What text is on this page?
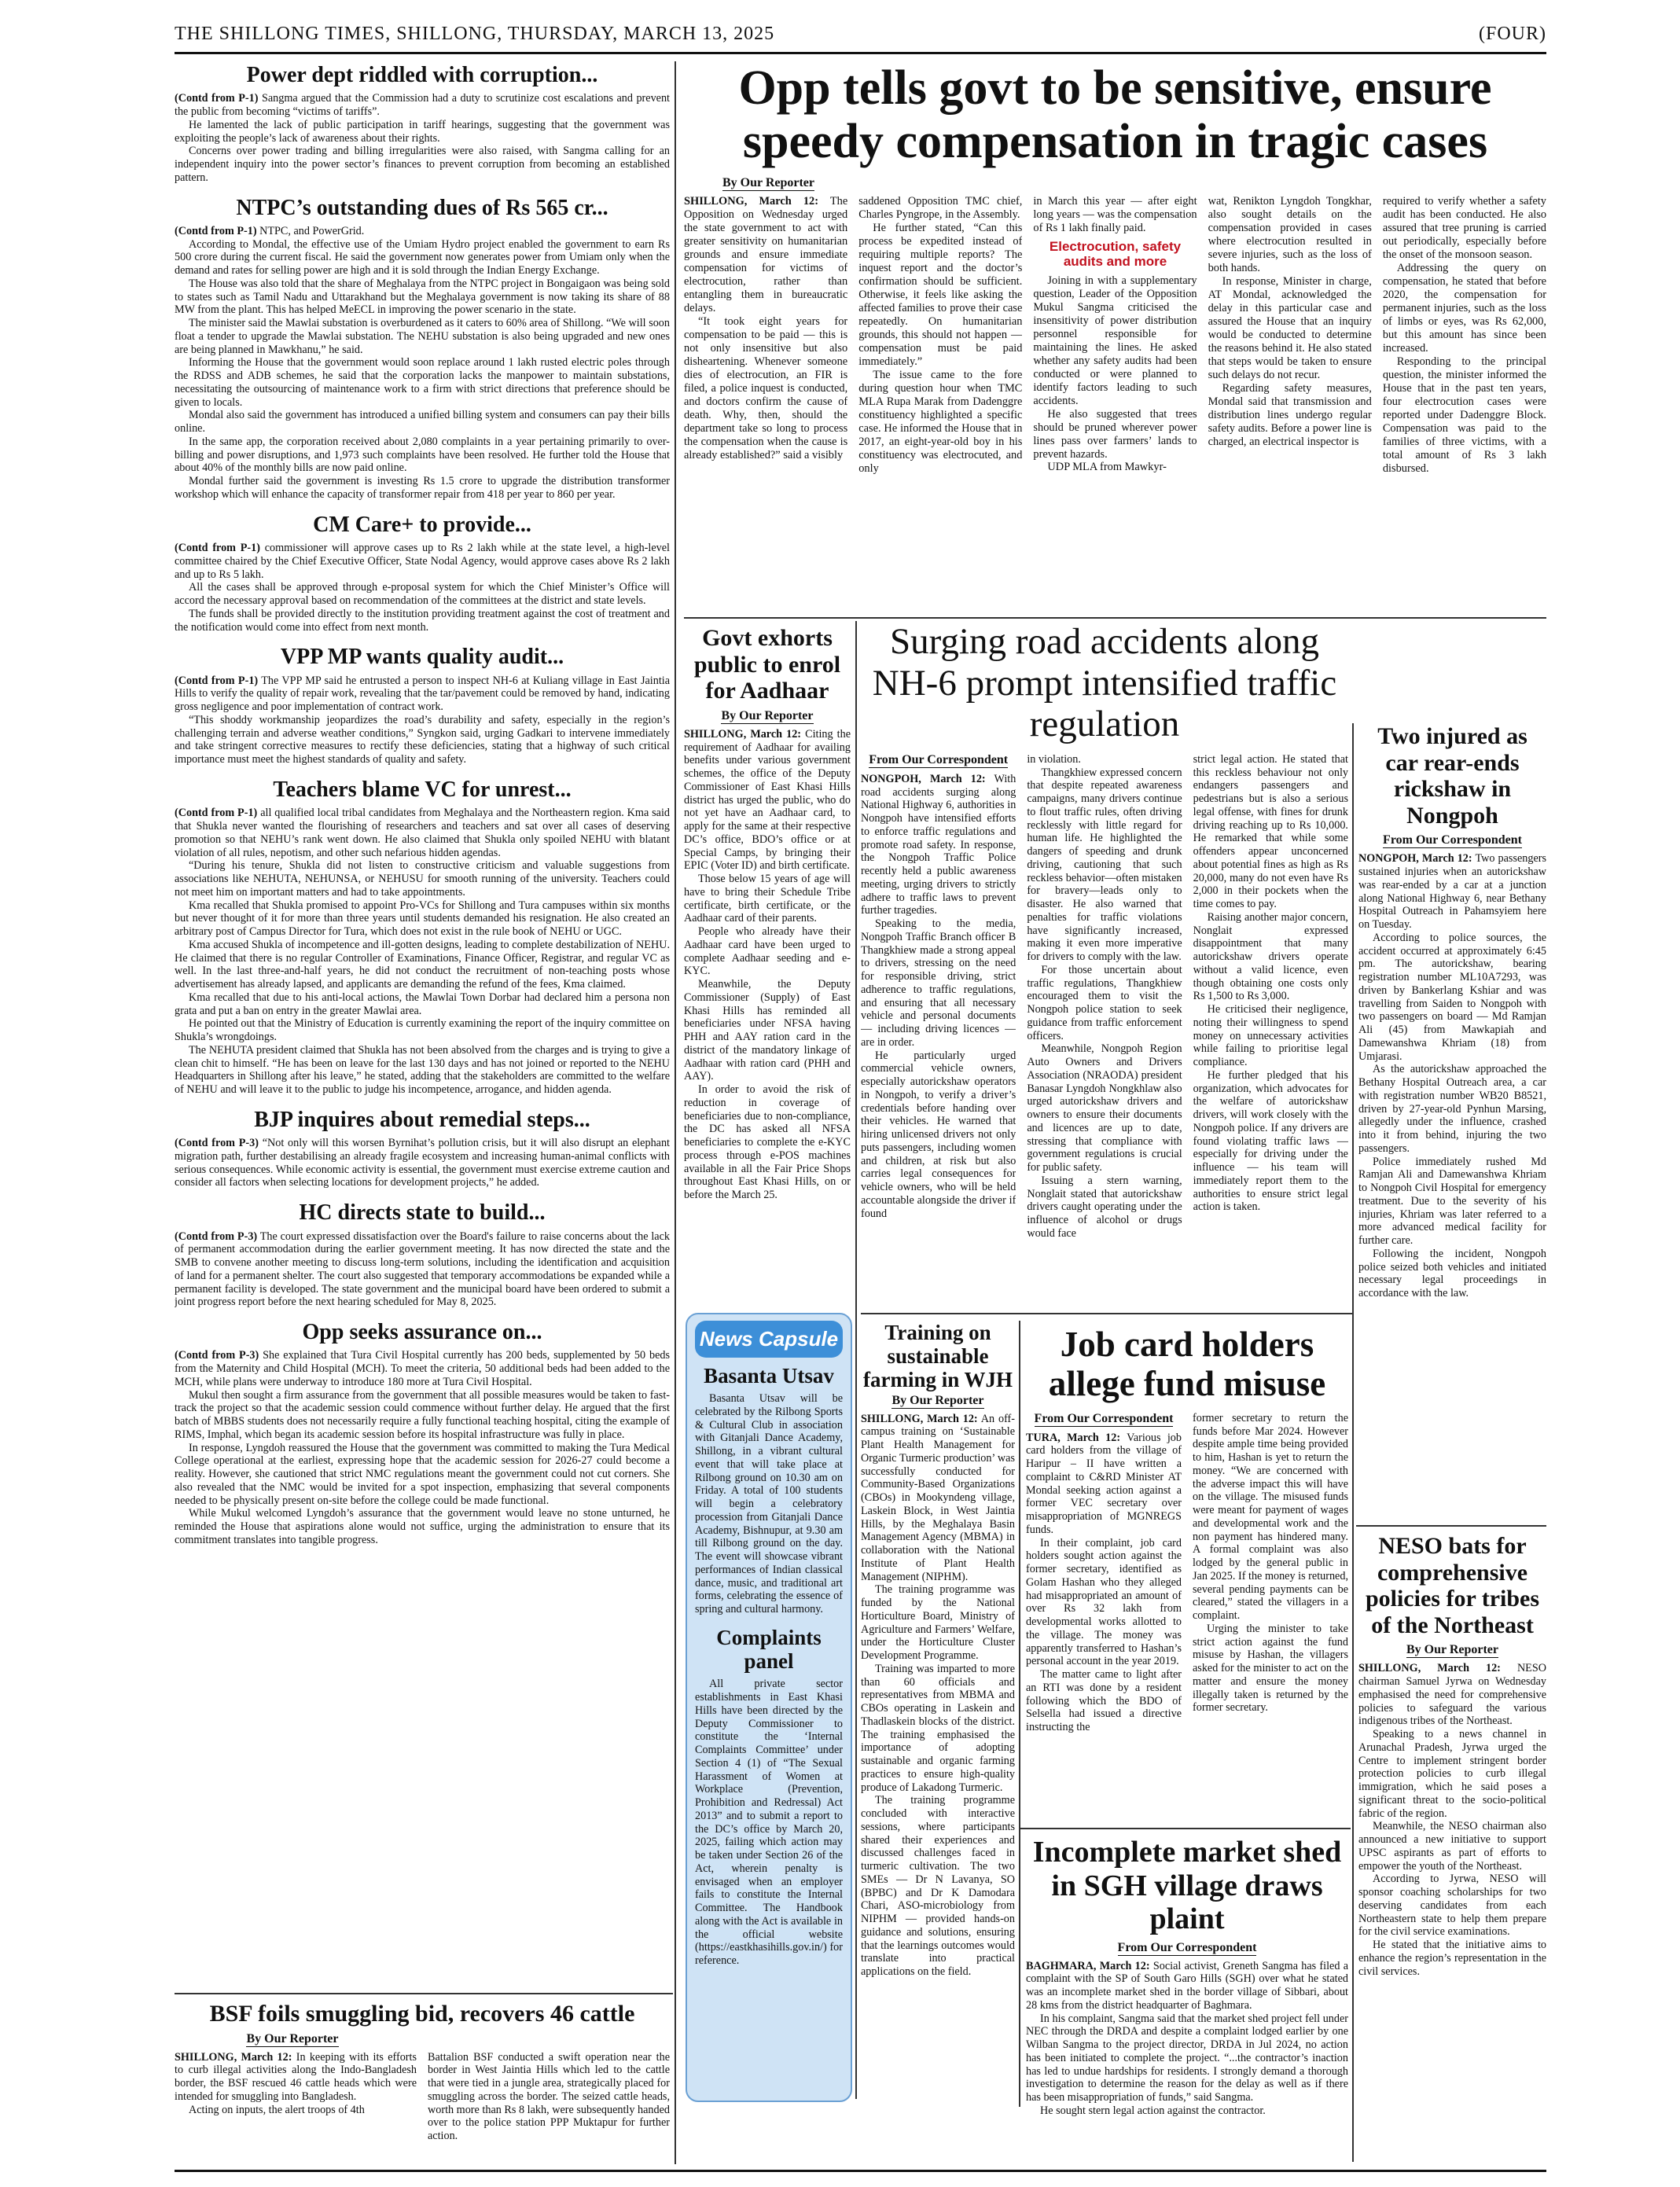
THE SHILLONG TIMES, SHILLONG, THURSDAY, MARCH 13, 2025	(FOUR)
Power dept riddled with corruption...

(Contd from P-1) Sangma argued that the Commission had a duty to scrutinize cost escalations and prevent the public from becoming “victims of tariffs”.

He lamented the lack of public participation in tariff hearings, suggesting that the government was exploiting the people’s lack of awareness about their rights.

Concerns over power trading and billing irregularities were also raised, with Sangma calling for an independent inquiry into the power sector’s finances to prevent corruption from becoming an established pattern.

NTPC’s outstanding dues of Rs 565 cr...

(Contd from P-1) NTPC, and PowerGrid.

According to Mondal, the effective use of the Umiam Hydro project enabled the government to earn Rs 500 crore during the current fiscal. He said the government now generates power from Umiam only when the demand and rates for selling power are high and it is sold through the Indian Energy Exchange.

The House was also told that the share of Meghalaya from the NTPC project in Bongaigaon was being sold to states such as Tamil Nadu and Uttarakhand but the Meghalaya government is now taking its share of 88 MW from the plant. This has helped MeECL in improving the power scenario in the state.

The minister said the Mawlai substation is overburdened as it caters to 60% area of Shillong. “We will soon float a tender to upgrade the Mawlai substation. The NEHU substation is also being upgraded and new ones are being planned in Mawkhanu,” he said.

Informing the House that the government would soon replace around 1 lakh rusted electric poles through the RDSS and ADB schemes, he said that the corporation lacks the manpower to maintain substations, necessitating the outsourcing of maintenance work to a firm with strict directions that preference should be given to locals.

Mondal also said the government has introduced a unified billing system and consumers can pay their bills online.

In the same app, the corporation received about 2,080 complaints in a year pertaining primarily to over-billing and power disruptions, and 1,973 such complaints have been resolved. He further told the House that about 40% of the monthly bills are now paid online.

Mondal further said the government is investing Rs 1.5 crore to upgrade the distribution transformer workshop which will enhance the capacity of transformer repair from 418 per year to 860 per year.

CM Care+ to provide...

(Contd from P-1) commissioner will approve cases up to Rs 2 lakh while at the state level, a high-level committee chaired by the Chief Executive Officer, State Nodal Agency, would approve cases above Rs 2 lakh and up to Rs 5 lakh.

All the cases shall be approved through e-proposal system for which the Chief Minister’s Office will accord the necessary approval based on recommendation of the committees at the district and state levels.

The funds shall be provided directly to the institution providing treatment against the cost of treatment and the notification would come into effect from next month.

VPP MP wants quality audit...

(Contd from P-1) The VPP MP said he entrusted a person to inspect NH-6 at Kuliang village in East Jaintia Hills to verify the quality of repair work, revealing that the tar/pavement could be removed by hand, indicating gross negligence and poor implementation of contract work.

“This shoddy workmanship jeopardizes the road’s durability and safety, especially in the region’s challenging terrain and adverse weather conditions,” Syngkon said, urging Gadkari to intervene immediately and take stringent corrective measures to rectify these deficiencies, stating that a highway of such critical importance must meet the highest standards of quality and safety.

Teachers blame VC for unrest...

(Contd from P-1) all qualified local tribal candidates from Meghalaya and the Northeastern region. Kma said that Shukla never wanted the flourishing of researchers and teachers and sat over all cases of deserving promotion so that NEHU’s rank went down. He also claimed that Shukla only spoiled NEHU with blatant violation of all rules, nepotism, and other such nefarious hidden agendas.

“During his tenure, Shukla did not listen to constructive criticism and valuable suggestions from associations like NEHUTA, NEHUNSA, or NEHUSU for smooth running of the university. Teachers could not meet him on important matters and had to take appointments.

Kma recalled that Shukla promised to appoint Pro-VCs for Shillong and Tura campuses within six months but never thought of it for more than three years until students demanded his resignation. He also created an arbitrary post of Campus Director for Tura, which does not exist in the rule book of NEHU or UGC.

Kma accused Shukla of incompetence and ill-gotten designs, leading to complete destabilization of NEHU. He claimed that there is no regular Controller of Examinations, Finance Officer, Registrar, and regular VC as well. In the last three-and-half years, he did not conduct the recruitment of non-teaching posts whose advertisement has already lapsed, and applicants are demanding the refund of the fees, Kma claimed.

Kma recalled that due to his anti-local actions, the Mawlai Town Dorbar had declared him a persona non grata and put a ban on entry in the greater Mawlai area.

He pointed out that the Ministry of Education is currently examining the report of the inquiry committee on Shukla’s wrongdoings.

The NEHUTA president claimed that Shukla has not been absolved from the charges and is trying to give a clean chit to himself. “He has been on leave for the last 130 days and has not joined or reported to the NEHU Headquarters in Shillong after his leave,” he stated, adding that the stakeholders are committed to the welfare of NEHU and will leave it to the public to judge his incompetence, arrogance, and hidden agenda.

BJP inquires about remedial steps...

(Contd from P-3) “Not only will this worsen Byrnihat’s pollution crisis, but it will also disrupt an elephant migration path, further destabilising an already fragile ecosystem and increasing human-animal conflicts with serious consequences. While economic activity is essential, the government must exercise extreme caution and consider all factors when selecting locations for development projects,” he added.

HC directs state to build...

(Contd from P-3) The court expressed dissatisfaction over the Board's failure to raise concerns about the lack of permanent accommodation during the earlier government meeting. It has now directed the state and the SMB to convene another meeting to discuss long-term solutions, including the identification and acquisition of land for a permanent shelter. The court also suggested that temporary accommodations be expanded while a permanent facility is developed. The state government and the municipal board have been ordered to submit a joint progress report before the next hearing scheduled for May 8, 2025.

Opp seeks assurance on...

(Contd from P-3) She explained that Tura Civil Hospital currently has 200 beds, supplemented by 50 beds from the Maternity and Child Hospital (MCH). To meet the criteria, 50 additional beds had been added to the MCH, while plans were underway to introduce 180 more at Tura Civil Hospital.

Mukul then sought a firm assurance from the government that all possible measures would be taken to fast-track the project so that the academic session could commence without further delay. He argued that the first batch of MBBS students does not necessarily require a fully functional teaching hospital, citing the example of RIMS, Imphal, which began its academic session before its hospital infrastructure was fully in place.

In response, Lyngdoh reassured the House that the government was committed to making the Tura Medical College operational at the earliest, expressing hope that the academic session for 2026-27 could become a reality. However, she cautioned that strict NMC regulations meant the government could not cut corners. She also revealed that the NMC would be invited for a spot inspection, emphasizing that several components needed to be physically present on-site before the college could be made functional.

While Mukul welcomed Lyngdoh’s assurance that the government would leave no stone unturned, he reminded the House that aspirations alone would not suffice, urging the administration to ensure that its commitment translates into tangible progress.

BSF foils smuggling bid, recovers 46 cattle
By Our Reporter

SHILLONG, March 12: In keeping with its efforts to curb illegal activities along the Indo-Bangladesh border, the BSF rescued 46 cattle heads which were intended for smuggling into Bangladesh.

Acting on inputs, the alert troops of 4th

Battalion BSF conducted a swift operation near the border in West Jaintia Hills which led to the cattle that were tied in a jungle area, strategically placed for smuggling across the border. The seized cattle heads, worth more than Rs 8 lakh, were subsequently handed over to the police station PPP Muktapur for further action.

Opp tells govt to be sensitive, ensure speedy compensation in tragic cases
By Our Reporter

SHILLONG, March 12: The Opposition on Wednesday urged the state government to act with greater sensitivity on humanitarian grounds and ensure immediate compensation for victims of electrocution, rather than entangling them in bureaucratic delays.

“It took eight years for compensation to be paid — this is not only insensitive but also disheartening. Whenever someone dies of electrocution, an FIR is filed, a police inquest is conducted, and doctors confirm the cause of death. Why, then, should the department take so long to process the compensation when the cause is already established?” said a visibly

saddened Opposition TMC chief, Charles Pyngrope, in the Assembly.

He further stated, “Can this process be expedited instead of requiring multiple reports? The inquest report and the doctor’s confirmation should be sufficient. Otherwise, it feels like asking the affected families to prove their case repeatedly. On humanitarian grounds, this should not happen — compensation must be paid immediately.”

The issue came to the fore during question hour when TMC MLA Rupa Marak from Dadenggre constituency highlighted a specific case. He informed the House that in 2017, an eight-year-old boy in his constituency was electrocuted, and only

in March this year — after eight long years — was the compensation of Rs 1 lakh finally paid.

Electrocution, safety audits and more

Joining in with a supplementary question, Leader of the Opposition Mukul Sangma criticised the insensitivity of power distribution personnel responsible for maintaining the lines. He asked whether any safety audits had been conducted or were planned to identify factors leading to such accidents.

He also suggested that trees should be pruned wherever power lines pass over farmers’ lands to prevent hazards.

UDP MLA from Mawkyr-

wat, Renikton Lyngdoh Tongkhar, also sought details on the compensation provided in cases where electrocution resulted in severe injuries, such as the loss of both hands.

In response, Minister in charge, AT Mondal, acknowledged the delay in this particular case and assured the House that an inquiry would be conducted to determine the reasons behind it. He also stated that steps would be taken to ensure such delays do not recur.

Regarding safety measures, Mondal said that transmission and distribution lines undergo regular safety audits. Before a power line is charged, an electrical inspector is

required to verify whether a safety audit has been conducted. He also assured that tree pruning is carried out periodically, especially before the onset of the monsoon season.

Addressing the query on compensation, he stated that before 2020, the compensation for permanent injuries, such as the loss of limbs or eyes, was Rs 62,000, but this amount has since been increased.

Responding to the principal question, the minister informed the House that in the past ten years, four electrocution cases were reported under Dadenggre Block. Compensation was paid to the families of three victims, with a total amount of Rs 3 lakh disbursed.

Govt exhorts public to enrol for Aadhaar
By Our Reporter

SHILLONG, March 12: Citing the requirement of Aadhaar for availing benefits under various government schemes, the office of the Deputy Commissioner of East Khasi Hills district has urged the public, who do not yet have an Aadhaar card, to apply for the same at their respective DC’s office, BDO’s office or at Special Camps, by bringing their EPIC (Voter ID) and birth certificate.

Those below 15 years of age will have to bring their Schedule Tribe certificate, birth certificate, or the Aadhaar card of their parents.

People who already have their Aadhaar card have been urged to complete Aadhaar seeding and e-KYC.

Meanwhile, the Deputy Commissioner (Supply) of East Khasi Hills has reminded all beneficiaries under NFSA having PHH and AAY ration card in the district of the mandatory linkage of Aadhaar with ration card (PHH and AAY).

In order to avoid the risk of reduction in coverage of beneficiaries due to non-compliance, the DC has asked all NFSA beneficiaries to complete the e-KYC process through e-POS machines available in all the Fair Price Shops throughout East Khasi Hills, on or before the March 25.

News Capsule
Basanta Utsav

Basanta Utsav will be celebrated by the Rilbong Sports & Cultural Club in association with Gitanjali Dance Academy, Shillong, in a vibrant cultural event that will take place at Rilbong ground on 10.30 am on Friday. A total of 100 students will begin a celebratory procession from Gitanjali Dance Academy, Bishnupur, at 9.30 am till Rilbong ground on the day. The event will showcase vibrant performances of Indian classical dance, music, and traditional art forms, celebrating the essence of spring and cultural harmony.

Complaints panel

All private sector establishments in East Khasi Hills have been directed by the Deputy Commissioner to constitute the ‘Internal Complaints Committee’ under Section 4 (1) of “The Sexual Harassment of Women at Workplace (Prevention, Prohibition and Redressal) Act 2013” and to submit a report to the DC’s office by March 20, 2025, failing which action may be taken under Section 26 of the Act, wherein penalty is envisaged when an employer fails to constitute the Internal Committee. The Handbook along with the Act is available in the official website (https://eastkhasihills.gov.in/) for reference.

Surging road accidents along NH-6 prompt intensified traffic regulation
From Our Correspondent

NONGPOH, March 12: With road accidents surging along National Highway 6, authorities in Nongpoh have intensified efforts to enforce traffic regulations and promote road safety. In response, the Nongpoh Traffic Police recently held a public awareness meeting, urging drivers to strictly adhere to traffic laws to prevent further tragedies.

Speaking to the media, Nongpoh Traffic Branch officer B Thangkhiew made a strong appeal to drivers, stressing on the need for responsible driving, strict adherence to traffic regulations, and ensuring that all necessary vehicle and personal documents — including driving licences — are in order.

He particularly urged commercial vehicle owners, especially autorickshaw operators in Nongpoh, to verify a driver’s credentials before handing over their vehicles. He warned that hiring unlicensed drivers not only puts passengers, including women and children, at risk but also carries legal consequences for vehicle owners, who will be held accountable alongside the driver if found

in violation.

Thangkhiew expressed concern that despite repeated awareness campaigns, many drivers continue to flout traffic rules, often driving recklessly with little regard for human life. He highlighted the dangers of speeding and drunk driving, cautioning that such reckless behavior—often mistaken for bravery—leads only to disaster. He also warned that penalties for traffic violations have significantly increased, making it even more imperative for drivers to comply with the law.

For those uncertain about traffic regulations, Thangkhiew encouraged them to visit the Nongpoh police station to seek guidance from traffic enforcement officers.

Meanwhile, Nongpoh Region Auto Owners and Drivers Association (NRAODA) president Banasar Lyngdoh Nongkhlaw also urged autorickshaw drivers and owners to ensure their documents and licences are up to date, stressing that compliance with government regulations is crucial for public safety.

Issuing a stern warning, Nonglait stated that autorickshaw drivers caught operating under the influence of alcohol or drugs would face

strict legal action. He stated that this reckless behaviour not only endangers passengers and pedestrians but is also a serious legal offense, with fines for drunk driving reaching up to Rs 10,000. He remarked that while some offenders appear unconcerned about potential fines as high as Rs 20,000, many do not even have Rs 2,000 in their pockets when the time comes to pay.

Raising another major concern, Nonglait expressed disappointment that many autorickshaw drivers operate without a valid licence, even though obtaining one costs only Rs 1,500 to Rs 3,000.

He criticised their negligence, noting their willingness to spend money on unnecessary activities while failing to prioritise legal compliance.

He further pledged that his organization, which advocates for the welfare of autorickshaw drivers, will work closely with the Nongpoh police. If any drivers are found violating traffic laws — especially for driving under the influence — his team will immediately report them to the authorities to ensure strict legal action is taken.

Two injured as car rear-ends rickshaw in Nongpoh
From Our Correspondent

NONGPOH, March 12: Two passengers sustained injuries when an autorickshaw was rear-ended by a car at a junction along National Highway 6, near Bethany Hospital Outreach in Pahamsyiem here on Tuesday.

According to police sources, the accident occurred at approximately 6:45 pm. The autorickshaw, bearing registration number ML10A7293, was driven by Bankerlang Kshiar and was travelling from Saiden to Nongpoh with two passengers on board — Md Ramjan Ali (45) from Mawkapiah and Damewanshwa Khriam (18) from Umjarasi.

As the autorickshaw approached the Bethany Hospital Outreach area, a car with registration number WB20 B8521, driven by 27-year-old Pynhun Marsing, allegedly under the influence, crashed into it from behind, injuring the two passengers.

Police immediately rushed Md Ramjan Ali and Damewanshwa Khriam to Nongpoh Civil Hospital for emergency treatment. Due to the severity of his injuries, Khriam was later referred to a more advanced medical facility for further care.

Following the incident, Nongpoh police seized both vehicles and initiated necessary legal proceedings in accordance with the law.

NESO bats for comprehensive policies for tribes of the Northeast
By Our Reporter

SHILLONG, March 12: NESO chairman Samuel Jyrwa on Wednesday emphasised the need for comprehensive policies to safeguard the various indigenous tribes of the Northeast.

Speaking to a news channel in Arunachal Pradesh, Jyrwa urged the Centre to implement stringent border protection policies to curb illegal immigration, which he said poses a significant threat to the socio-political fabric of the region.

Meanwhile, the NESO chairman also announced a new initiative to support UPSC aspirants as part of efforts to empower the youth of the Northeast.

According to Jyrwa, NESO will sponsor coaching scholarships for two deserving candidates from each Northeastern state to help them prepare for the civil service examinations.

He stated that the initiative aims to enhance the region’s representation in the civil services.

Training on sustainable farming in WJH
By Our Reporter

SHILLONG, March 12: An off-campus training on ‘Sustainable Plant Health Management for Organic Turmeric production’ was successfully conducted for Community-Based Organizations (CBOs) in Mookyndeng village, Laskein Block, in West Jaintia Hills, by the Meghalaya Basin Management Agency (MBMA) in collaboration with the National Institute of Plant Health Management (NIPHM).

The training programme was funded by the National Horticulture Board, Ministry of Agriculture and Farmers’ Welfare, under the Horticulture Cluster Development Programme.

Training was imparted to more than 60 officials and representatives from MBMA and CBOs operating in Laskein and Thadlaskein blocks of the district. The training emphasised the importance of adopting sustainable and organic farming practices to ensure high-quality produce of Lakadong Turmeric.

The training programme concluded with interactive sessions, where participants shared their experiences and discussed challenges faced in turmeric cultivation. The two SMEs — Dr N Lavanya, SO (BPBC) and Dr K Damodara Chari, ASO-microbiology from NIPHM — provided hands-on guidance and solutions, ensuring that the learnings outcomes would translate into practical applications on the field.

Job card holders allege fund misuse
From Our Correspondent

TURA, March 12: Various job card holders from the village of Haripur – II have written a complaint to C&RD Minister AT Mondal seeking action against a former VEC secretary over misappropriation of MGNREGS funds.

In their complaint, job card holders sought action against the former secretary, identified as Golam Hashan who they alleged had misappropriated an amount of over Rs 32 lakh from developmental works allotted to the village. The money was apparently transferred to Hashan’s personal account in the year 2019.

The matter came to light after an RTI was done by a resident following which the BDO of Selsella had issued a directive instructing the

former secretary to return the funds before Mar 2024. However despite ample time being provided to him, Hashan is yet to return the money. “We are concerned with the adverse impact this will have on the village. The misused funds were meant for payment of wages and developmental work and the non payment has hindered many. A formal complaint was also lodged by the general public in Jan 2025. If the money is returned, several pending payments can be cleared,” stated the villagers in a complaint.

Urging the minister to take strict action against the fund misuse by Hashan, the villagers asked for the minister to act on the matter and ensure the money illegally taken is returned by the former secretary.

Incomplete market shed in SGH village draws plaint
From Our Correspondent

BAGHMARA, March 12: Social activist, Greneth Sangma has filed a complaint with the SP of South Garo Hills (SGH) over what he stated was an incomplete market shed in the border village of Sibbari, about 28 kms from the district headquarter of Baghmara.

In his complaint, Sangma said that the market shed project fell under NEC through the DRDA and despite a complaint lodged earlier by one Wilban Sangma to the project director, DRDA in Jul 2024, no action has been initiated to complete the project. “...the contractor’s inaction has led to undue hardships for residents. I strongly demand a thorough investigation to determine the reason for the delay as well as if there has been misappropriation of funds,” said Sangma.

He sought stern legal action against the contractor.
